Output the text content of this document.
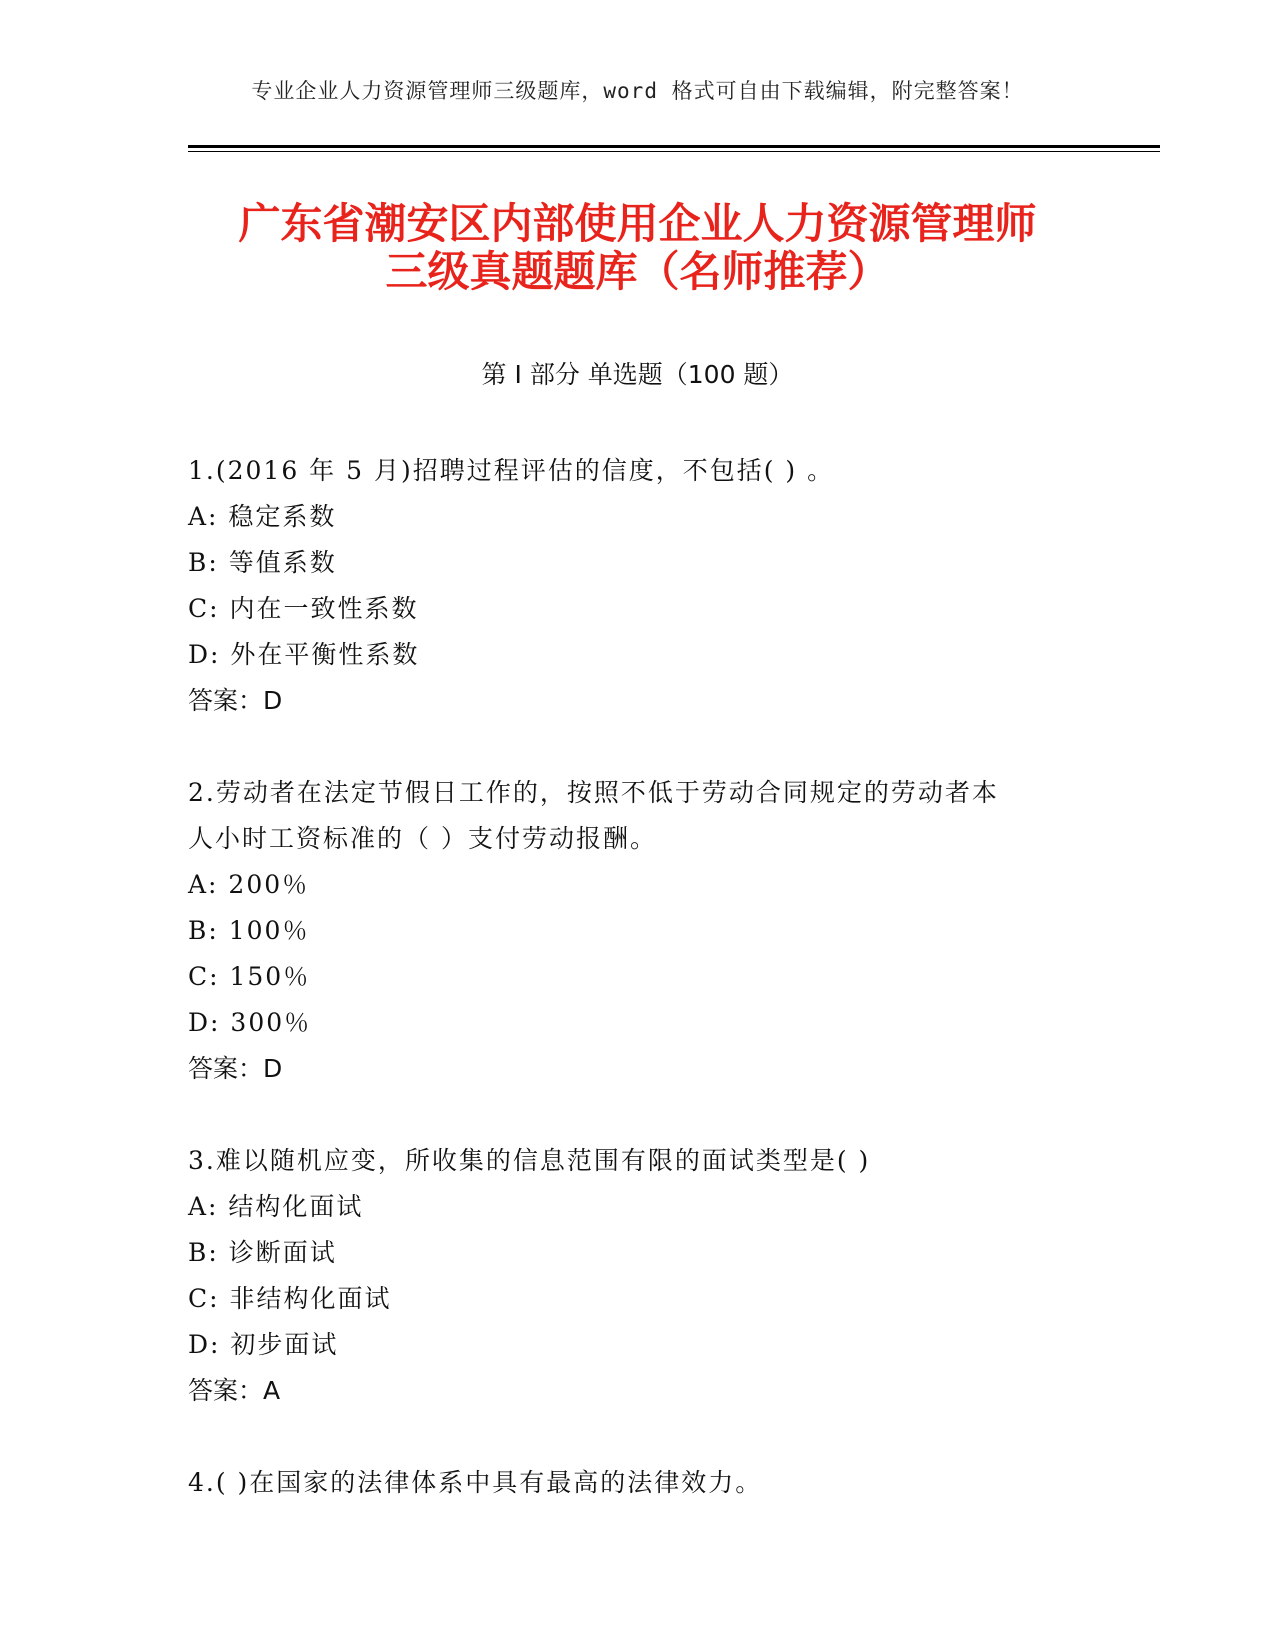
专业企业人力资源管理师三级题库，word 格式可自由下载编辑，附完整答案！
广东省潮安区内部使用企业人力资源管理师
三级真题题库（名师推荐）
第 I 部分 单选题（100 题）
1.(2016 年 5 月)招聘过程评估的信度，不包括( ) 。
A: 稳定系数
B: 等值系数
C: 内在一致性系数
D: 外在平衡性系数
答案：D
2.劳动者在法定节假日工作的，按照不低于劳动合同规定的劳动者本
人小时工资标准的（ ）支付劳动报酬。
A: 200％
B: 100％
C: 150％
D: 300％
答案：D
3.难以随机应变，所收集的信息范围有限的面试类型是( )
A: 结构化面试
B: 诊断面试
C: 非结构化面试
D: 初步面试
答案：A
4.( )在国家的法律体系中具有最高的法律效力。
